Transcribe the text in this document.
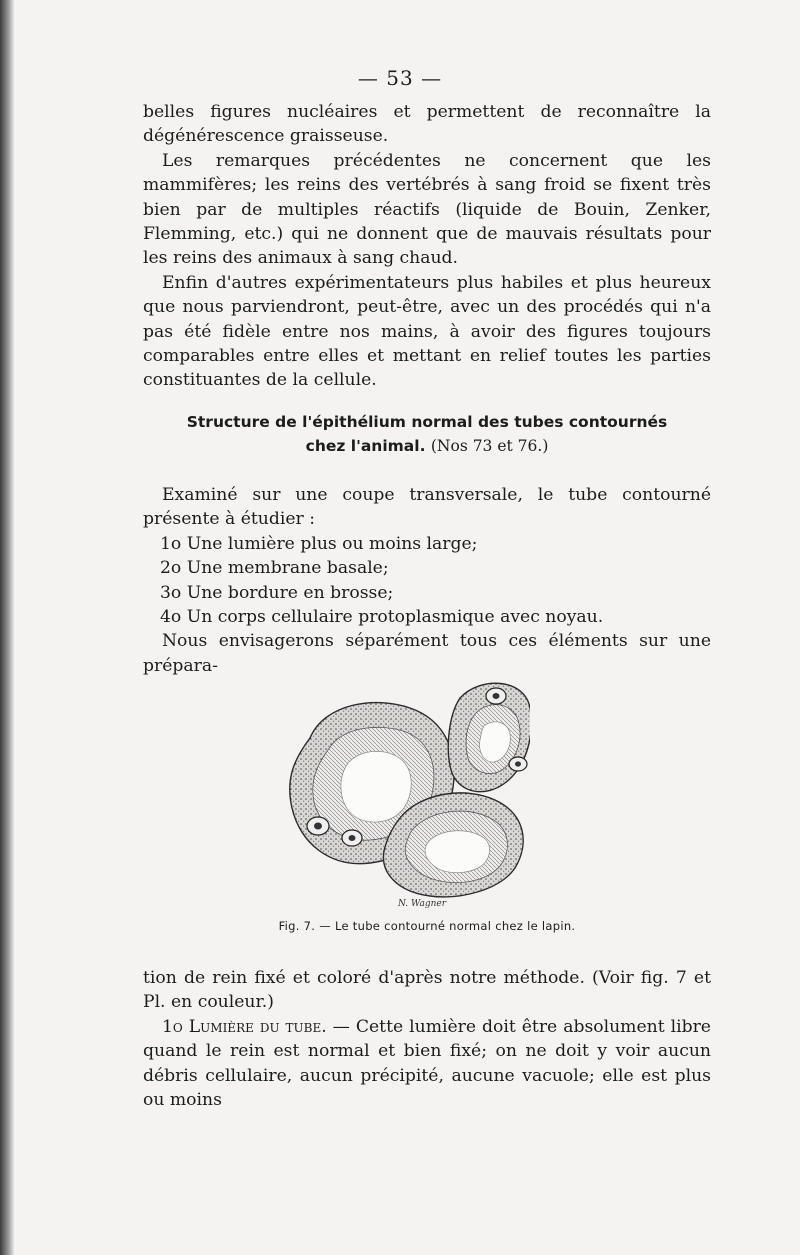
— 53 —

belles figures nucléaires et permettent de reconnaître la dégénérescence graisseuse.

Les remarques précédentes ne concernent que les mammifères; les reins des vertébrés à sang froid se fixent très bien par de multiples réactifs (liquide de Bouin, Zenker, Flemming, etc.) qui ne donnent que de mauvais résultats pour les reins des animaux à sang chaud.

Enfin d'autres expérimentateurs plus habiles et plus heureux que nous parviendront, peut-être, avec un des procédés qui n'a pas été fidèle entre nos mains, à avoir des figures toujours comparables entre elles et mettant en relief toutes les parties constituantes de la cellule.

Structure de l'épithélium normal des tubes contournés
chez l'animal. (Nos 73 et 76.)

Examiné sur une coupe transversale, le tube contourné présente à étudier :

1o Une lumière plus ou moins large;
2o Une membrane basale;
3o Une bordure en brosse;
4o Un corps cellulaire protoplasmique avec noyau.

Nous envisagerons séparément tous ces éléments sur une prépara-

N. Wagner
Fig. 7. — Le tube contourné normal chez le lapin.

tion de rein fixé et coloré d'après notre méthode. (Voir fig. 7 et Pl. en couleur.)

1o Lumière du tube. — Cette lumière doit être absolument libre quand le rein est normal et bien fixé; on ne doit y voir aucun débris cellulaire, aucun précipité, aucune vacuole; elle est plus ou moins
